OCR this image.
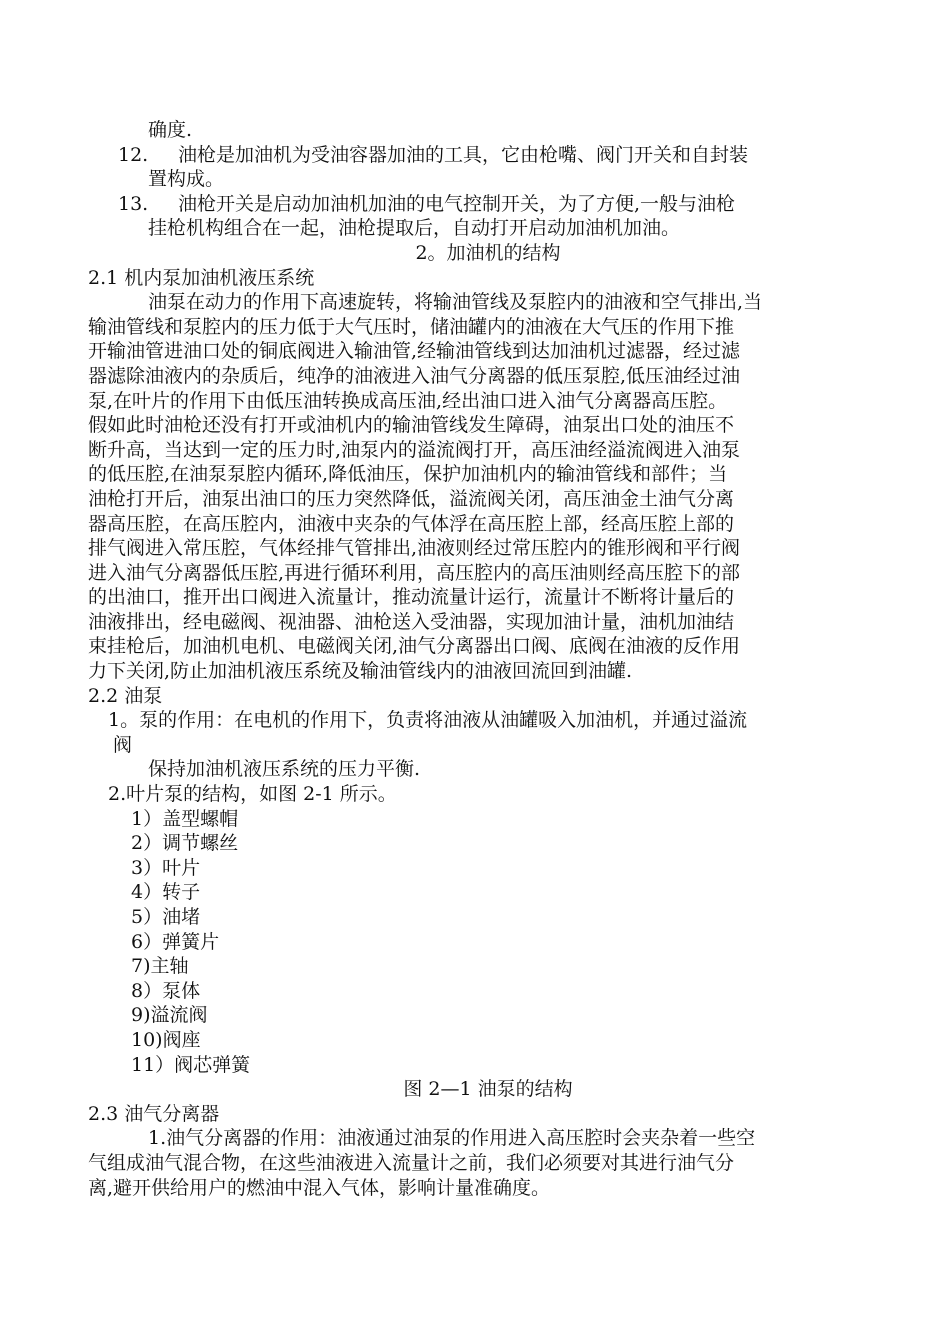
确度.
12. 油枪是加油机为受油容器加油的工具，它由枪嘴、阀门开关和自封装
置构成。
13. 油枪开关是启动加油机加油的电气控制开关，为了方便,一般与油枪
挂枪机构组合在一起，油枪提取后，自动打开启动加油机加油。
2。加油机的结构
2.1 机内泵加油机液压系统
油泵在动力的作用下高速旋转，将输油管线及泵腔内的油液和空气排出,当
输油管线和泵腔内的压力低于大气压时，储油罐内的油液在大气压的作用下推
开输油管进油口处的铜底阀进入输油管,经输油管线到达加油机过滤器，经过滤
器滤除油液内的杂质后，纯净的油液进入油气分离器的低压泵腔,低压油经过油
泵,在叶片的作用下由低压油转换成高压油,经出油口进入油气分离器高压腔。
假如此时油枪还没有打开或油机内的输油管线发生障碍，油泵出口处的油压不
断升高，当达到一定的压力时,油泵内的溢流阀打开，高压油经溢流阀进入油泵
的低压腔,在油泵泵腔内循环,降低油压，保护加油机内的输油管线和部件；当
油枪打开后，油泵出油口的压力突然降低，溢流阀关闭，高压油金土油气分离
器高压腔，在高压腔内，油液中夹杂的气体浮在高压腔上部，经高压腔上部的
排气阀进入常压腔，气体经排气管排出,油液则经过常压腔内的锥形阀和平行阀
进入油气分离器低压腔,再进行循环利用，高压腔内的高压油则经高压腔下的部
的出油口，推开出口阀进入流量计，推动流量计运行，流量计不断将计量后的
油液排出，经电磁阀、视油器、油枪送入受油器，实现加油计量，油机加油结
束挂枪后，加油机电机、电磁阀关闭,油气分离器出口阀、底阀在油液的反作用
力下关闭,防止加油机液压系统及输油管线内的油液回流回到油罐.
2.2 油泵
1。泵的作用：在电机的作用下，负责将油液从油罐吸入加油机，并通过溢流
阀
保持加油机液压系统的压力平衡.
2.叶片泵的结构，如图 2-1 所示。
1）盖型螺帽
2）调节螺丝
3）叶片
4）转子
5）油堵
6）弹簧片
7)主轴
8）泵体
9)溢流阀
10)阀座
11）阀芯弹簧
图 2—1 油泵的结构
2.3 油气分离器
1.油气分离器的作用：油液通过油泵的作用进入高压腔时会夹杂着一些空
气组成油气混合物，在这些油液进入流量计之前，我们必须要对其进行油气分
离,避开供给用户的燃油中混入气体，影响计量准确度。
